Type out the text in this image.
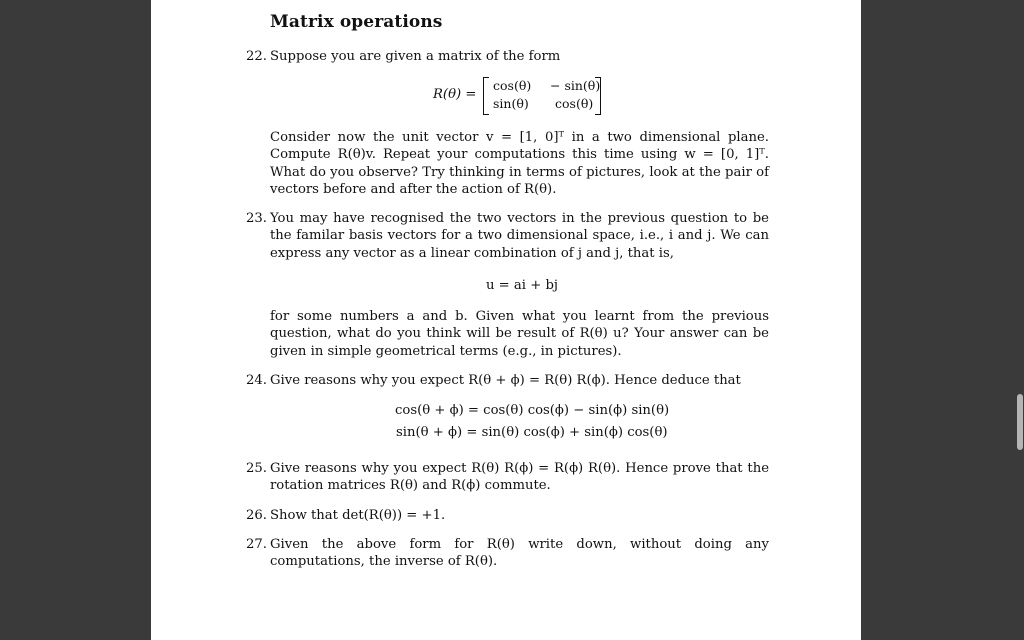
Matrix operations
22. Suppose you are given a matrix of the form

R(θ) =
cos(θ) − sin(θ)
sin(θ) cos(θ)

Consider now the unit vector v = [1, 0]ᵀ in a two dimensional plane. Compute R(θ)v. Repeat your computations this time using w = [0, 1]ᵀ. What do you observe? Try thinking in terms of pictures, look at the pair of vectors before and after the action of R(θ).

23. You may have recognised the two vectors in the previous question to be the familar basis vectors for a two dimensional space, i.e., i and j. We can express any vector as a linear combination of j and j, that is,

u = ai + bj

for some numbers a and b. Given what you learnt from the previous question, what do you think will be result of R(θ) u? Your answer can be given in simple geometrical terms (e.g., in pictures).

24. Give reasons why you expect R(θ + ϕ) = R(θ) R(ϕ). Hence deduce that

cos(θ + ϕ) = cos(θ) cos(ϕ) − sin(ϕ) sin(θ)
sin(θ + ϕ) = sin(θ) cos(ϕ) + sin(ϕ) cos(θ)
25. Give reasons why you expect R(θ) R(ϕ) = R(ϕ) R(θ). Hence prove that the rotation matrices R(θ) and R(ϕ) commute.

26. Show that det(R(θ)) = +1.

27. Given the above form for R(θ) write down, without doing any computations, the inverse of R(θ).
